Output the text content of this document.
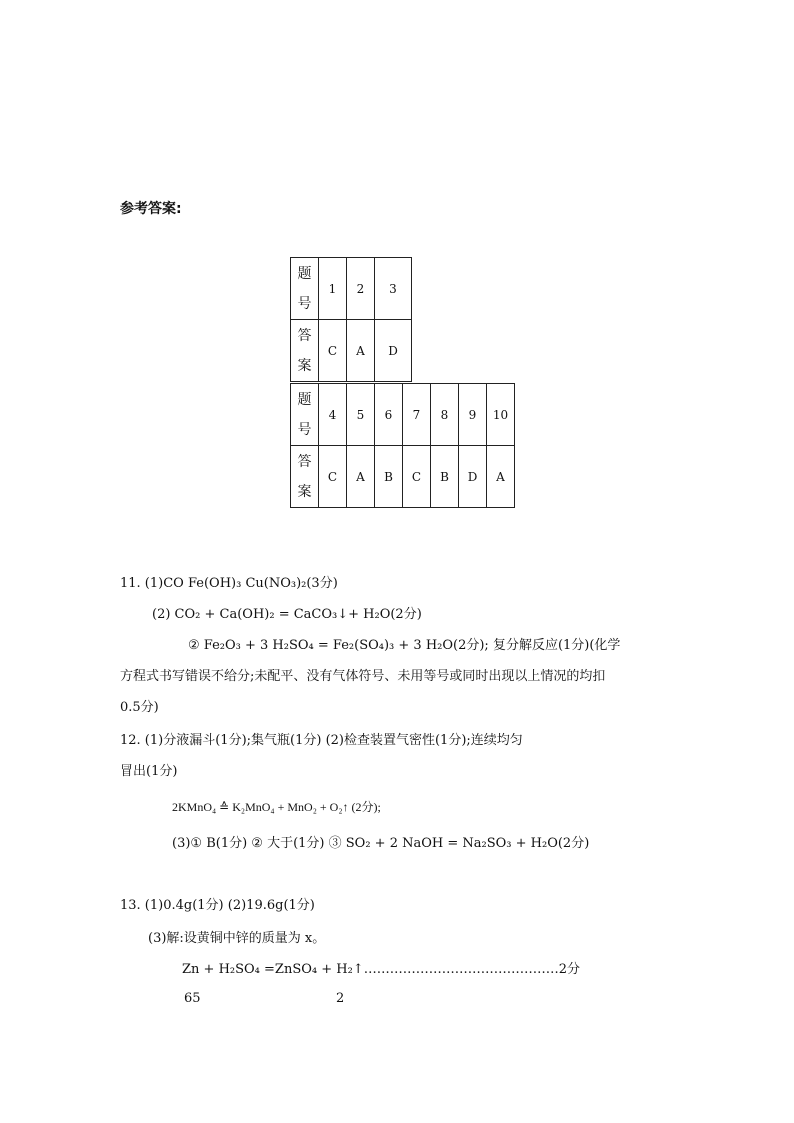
参考答案:
题号	1	2	3
答案	C	A	D
题号	4	5	6	7	8	9	10
答案	C	A	B	C	B	D	A
11. (1)CO Fe(OH)₃ Cu(NO₃)₂(3分)
(2) CO₂ + Ca(OH)₂ = CaCO₃↓+ H₂O(2分)
② Fe₂O₃ + 3 H₂SO₄ = Fe₂(SO₄)₃ + 3 H₂O(2分); 复分解反应(1分)(化学
方程式书写错误不给分;未配平、没有气体符号、未用等号或同时出现以上情况的均扣
0.5分)
12. (1)分液漏斗(1分);集气瓶(1分) (2)检查装置气密性(1分);连续均匀
冒出(1分)
2KMnO₄ ≙ K₂MnO₄ + MnO₂ + O₂↑ (2分);
(3)① B(1分) ② 大于(1分) ③ SO₂ + 2 NaOH = Na₂SO₃ + H₂O(2分)
13. (1)0.4g(1分) (2)19.6g(1分)
(3)解:设黄铜中锌的质量为 x。
Zn + H₂SO₄ =ZnSO₄ + H₂↑………………………………………2分
65	2
